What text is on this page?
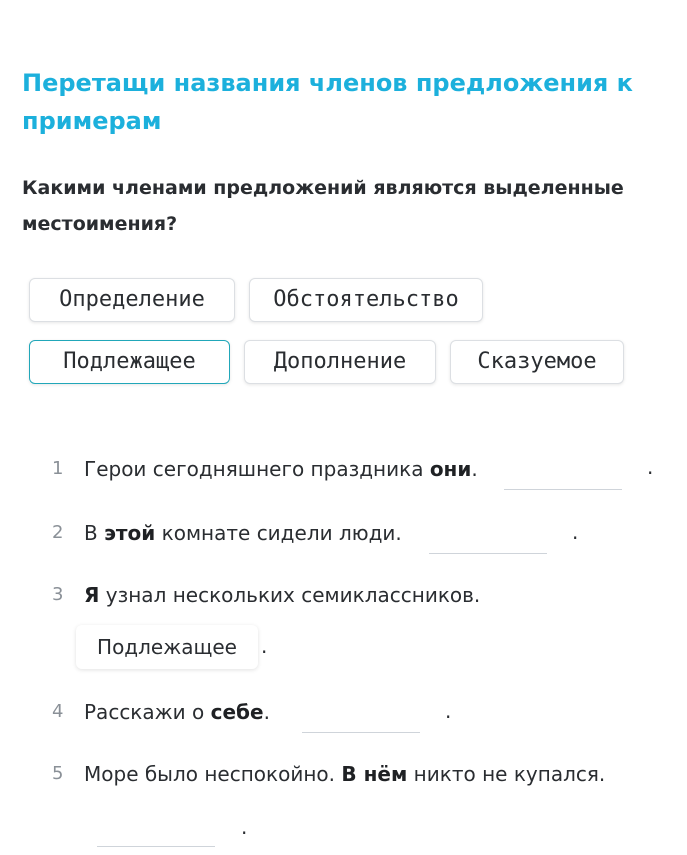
Перетащи названия членов предложения к примерам
Какими членами предложений являются выделенные местоимения?
Определение	Обстоятельство
Подлежащее	Дополнение	Сказуемое
1 Герои сегодняшнего праздника они.	.
2 В этой комнате сидели люди.	.
3 Я узнал нескольких семиклассников.
Подлежащее	.
4 Расскажи о себе.	.
5 Море было неспокойно. В нём никто не купался.
.
